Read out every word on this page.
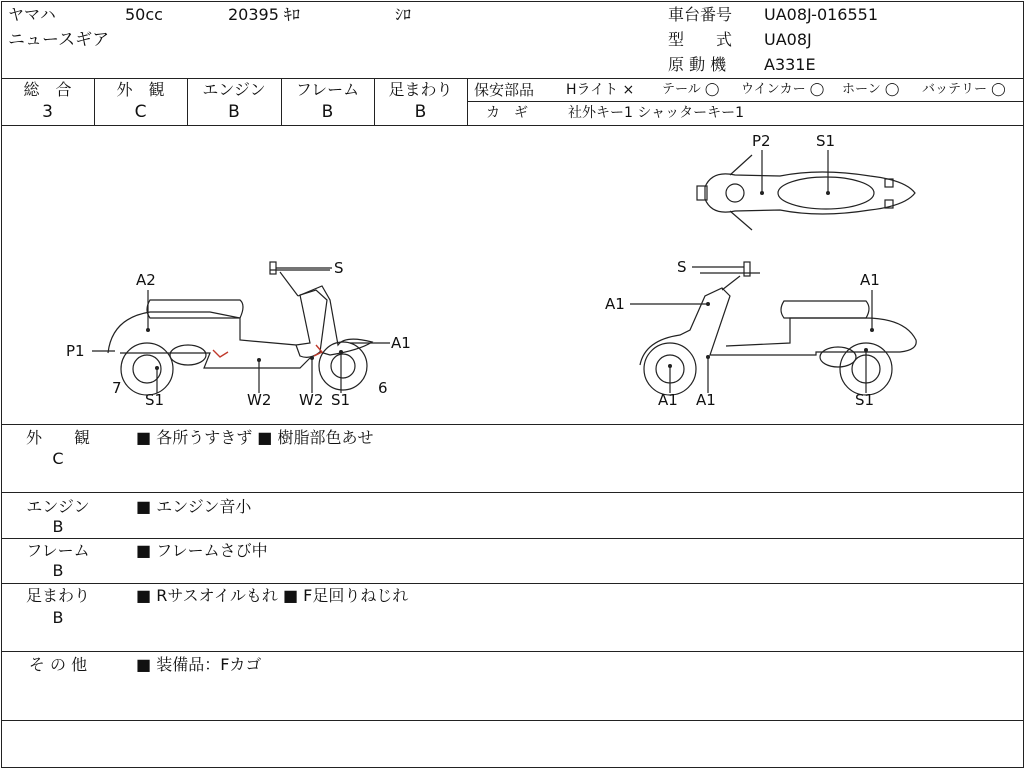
ヤマハ	50cc	20395 ｷﾛ	ｼﾛ
ニュースギア
車台番号 UA08J-016551
型　　式 UA08J
原 動 機 A331E
総　合
3
外　観
C
エンジン
B
フレーム
B
足まわり
B
保安部品 Hライト × テール ◯ ウインカー ◯ ホーン ◯ バッテリー ◯
カ　ギ	社外キー1 シャッターキー1
P2	S1
S
A2
P1	A1
7	6
S1	W2 W2 S1
S
A1
A1
A1 A1	S1
外　　観
C
■ 各所うすきず ■ 樹脂部色あせ
エンジン
B
■ エンジン音小
フレーム
B
■ フレームさび中
足まわり
B
■ Rサスオイルもれ ■ F足回りねじれ
そ の 他	■ 装備品：Fカゴ
